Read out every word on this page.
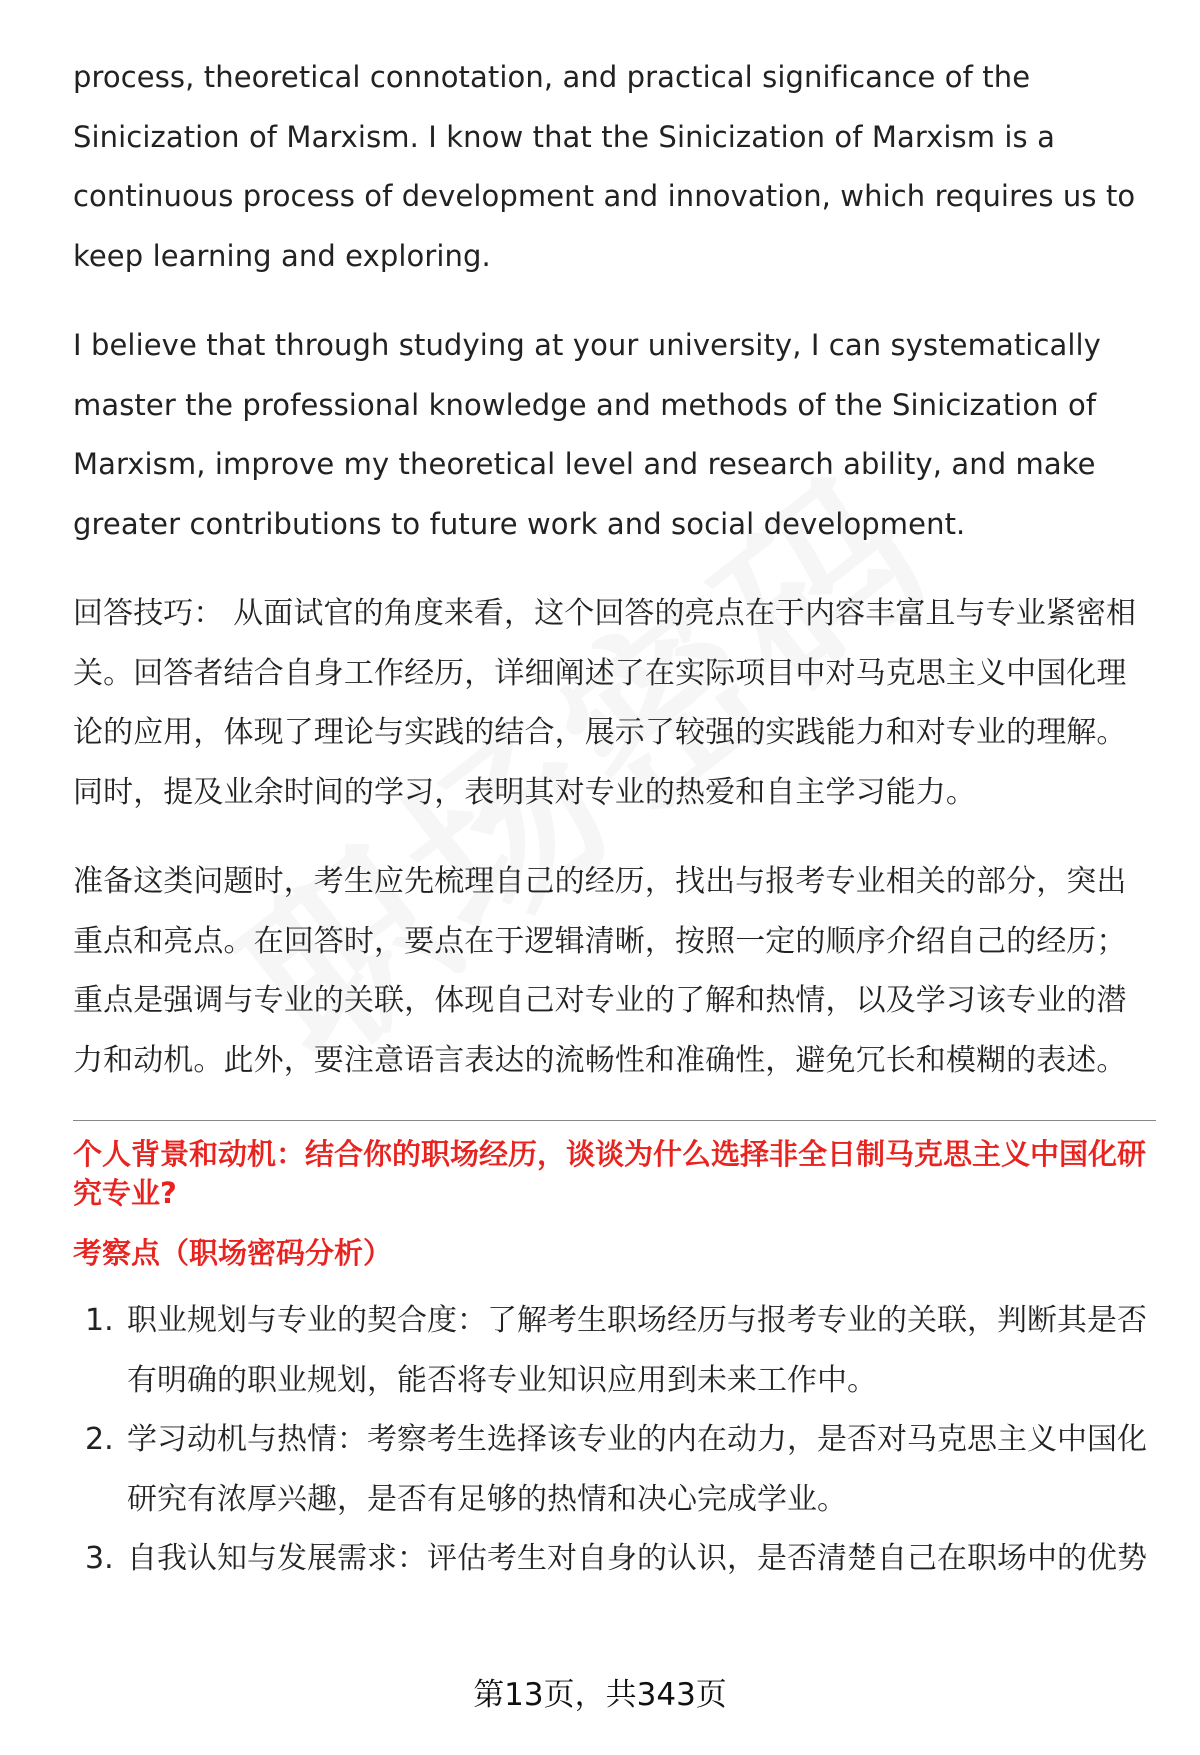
process, theoretical connotation, and practical significance of the Sinicization of Marxism. I know that the Sinicization of Marxism is a continuous process of development and innovation, which requires us to keep learning and exploring.

I believe that through studying at your university, I can systematically master the professional knowledge and methods of the Sinicization of Marxism, improve my theoretical level and research ability, and make greater contributions to future work and social development.

回答技巧： 从面试官的角度来看，这个回答的亮点在于内容丰富且与专业紧密相关。回答者结合自身工作经历，详细阐述了在实际项目中对马克思主义中国化理论的应用，体现了理论与实践的结合，展示了较强的实践能力和对专业的理解。同时，提及业余时间的学习，表明其对专业的热爱和自主学习能力。

准备这类问题时，考生应先梳理自己的经历，找出与报考专业相关的部分，突出重点和亮点。在回答时，要点在于逻辑清晰，按照一定的顺序介绍自己的经历；重点是强调与专业的关联，体现自己对专业的了解和热情，以及学习该专业的潜力和动机。此外，要注意语言表达的流畅性和准确性，避免冗长和模糊的表述。

个人背景和动机：结合你的职场经历，谈谈为什么选择非全日制马克思主义中国化研究专业?
考察点（职场密码分析）
1. 职业规划与专业的契合度：了解考生职场经历与报考专业的关联，判断其是否有明确的职业规划，能否将专业知识应用到未来工作中。
2. 学习动机与热情：考察考生选择该专业的内在动力，是否对马克思主义中国化研究有浓厚兴趣，是否有足够的热情和决心完成学业。
3. 自我认知与发展需求：评估考生对自身的认识，是否清楚自己在职场中的优势
第13页，共343页
